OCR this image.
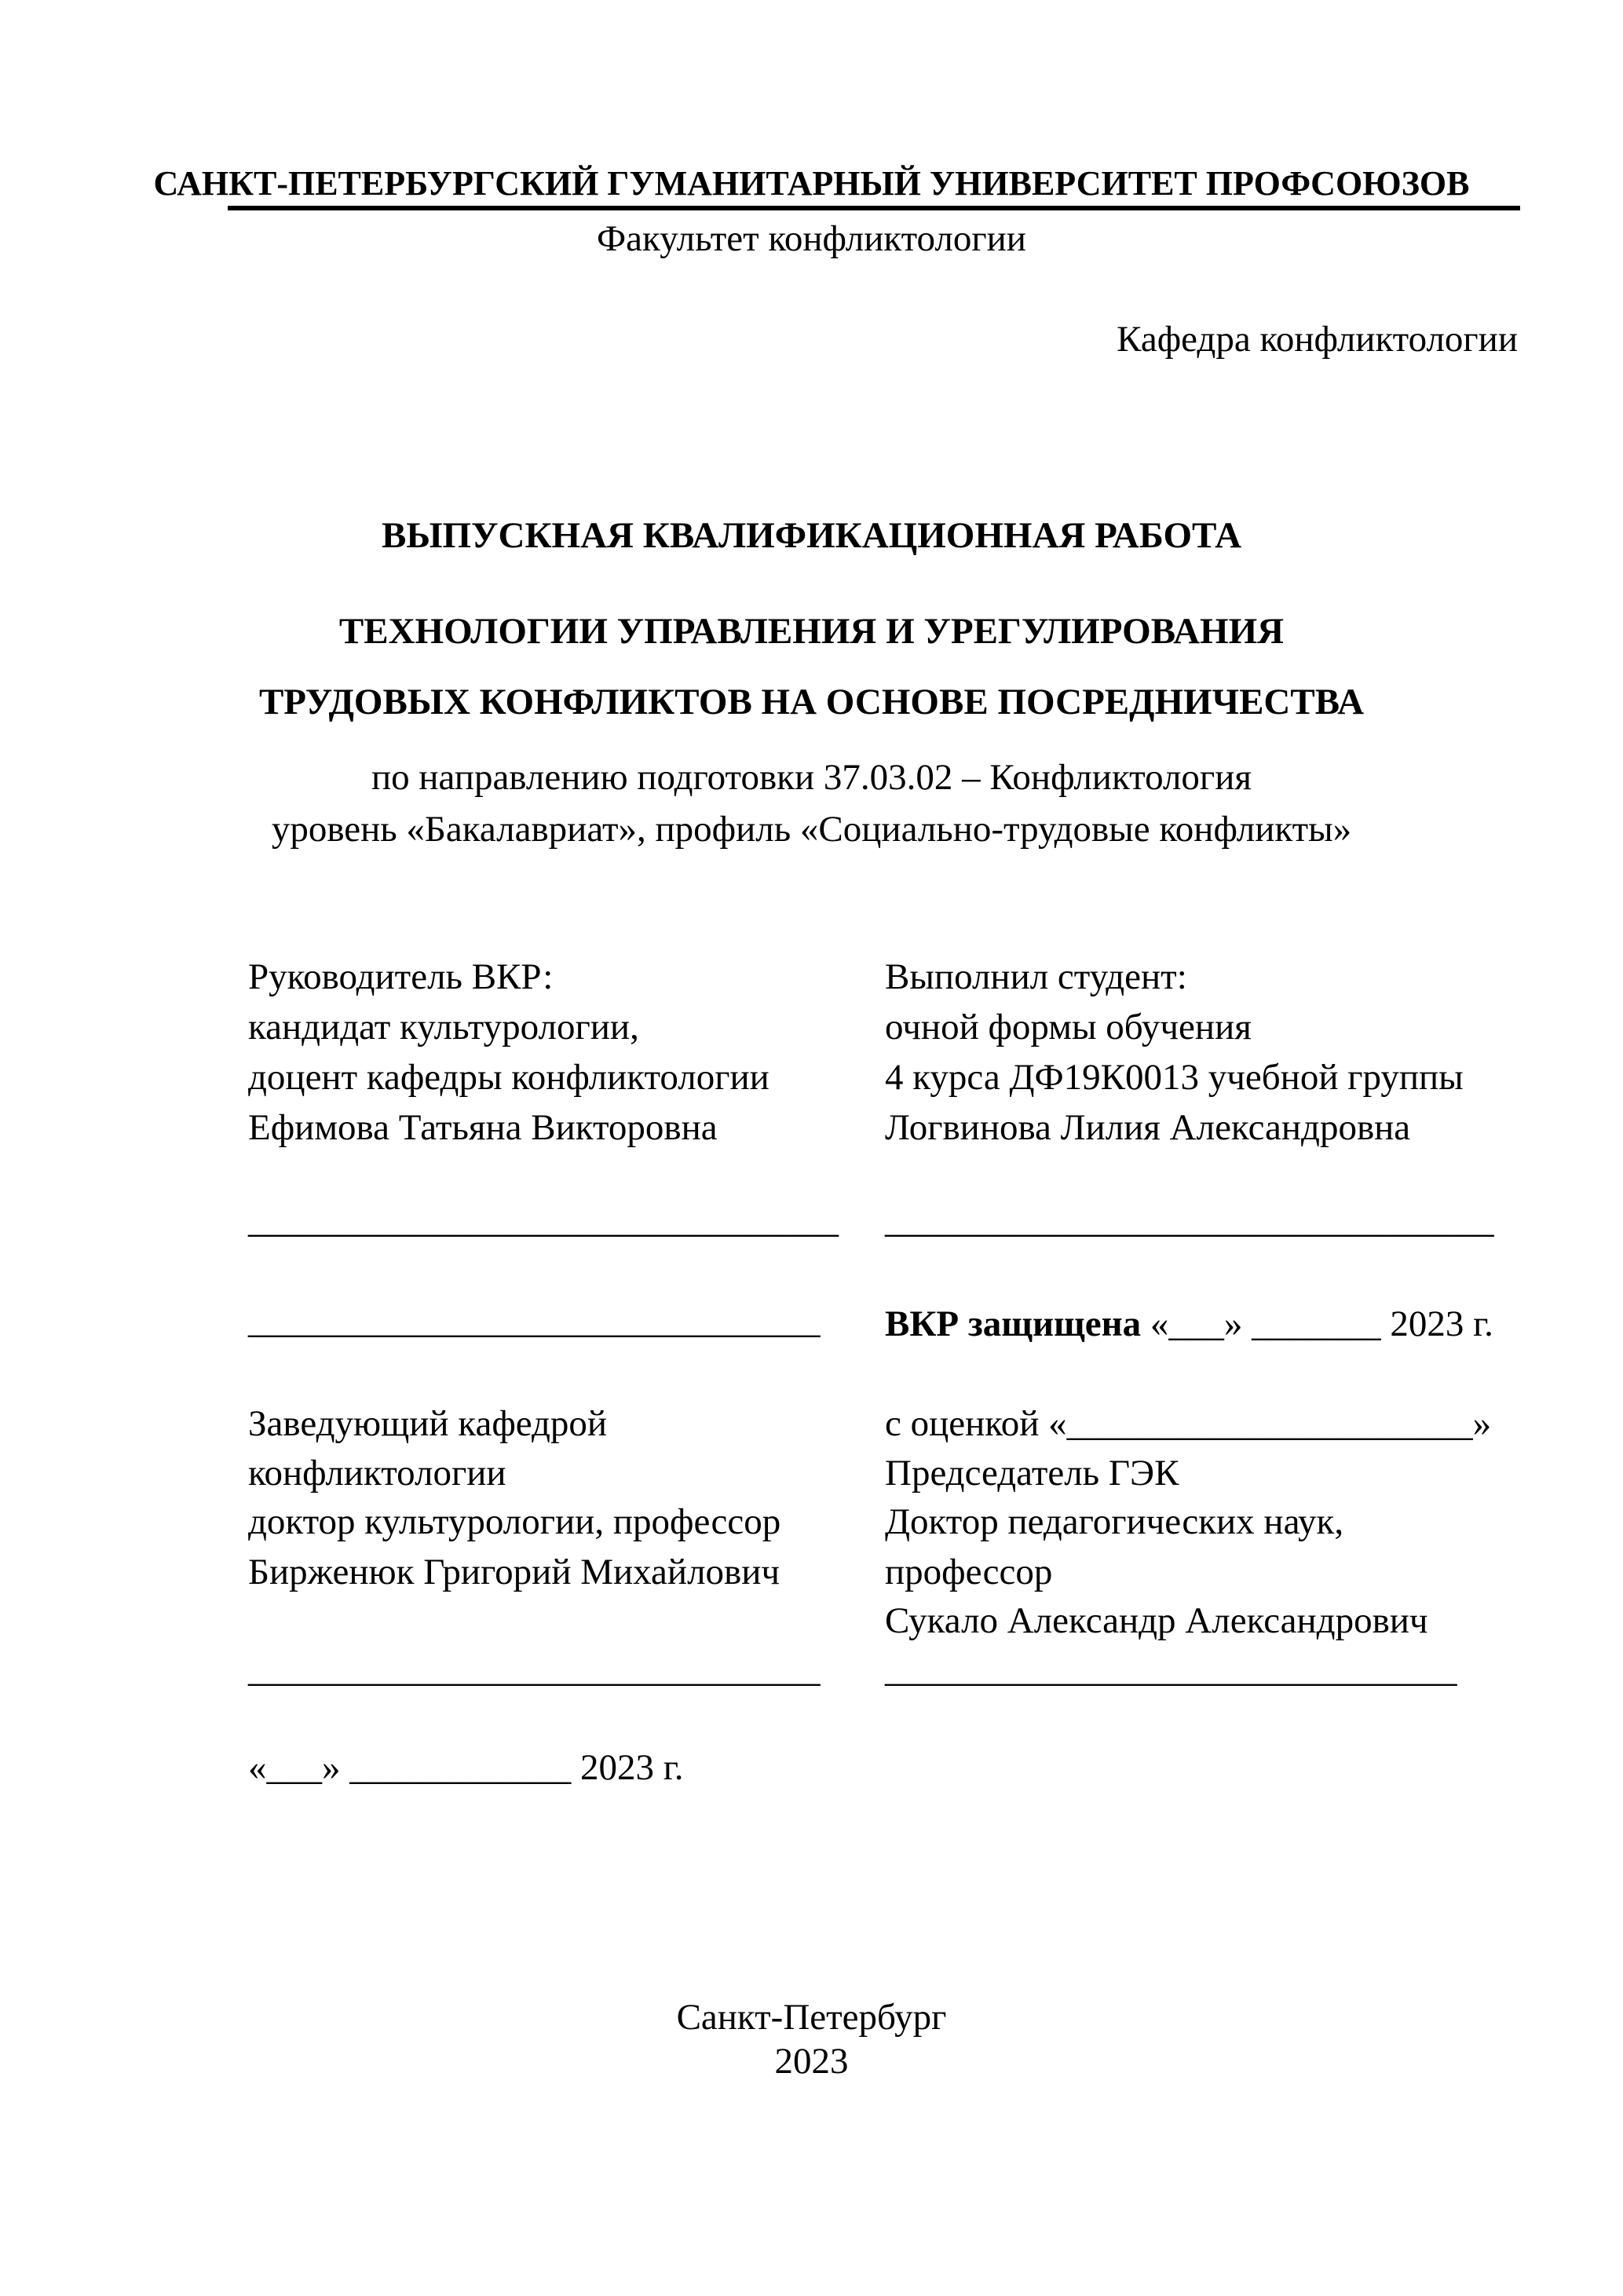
САНКТ-ПЕТЕРБУРГСКИЙ ГУМАНИТАРНЫЙ УНИВЕРСИТЕТ ПРОФСОЮЗОВ
Факультет конфликтологии
Кафедра конфликтологии
ВЫПУСКНАЯ КВАЛИФИКАЦИОННАЯ РАБОТА
ТЕХНОЛОГИИ УПРАВЛЕНИЯ И УРЕГУЛИРОВАНИЯ
ТРУДОВЫХ КОНФЛИКТОВ НА ОСНОВЕ ПОСРЕДНИЧЕСТВА
по направлению подготовки 37.03.02 – Конфликтология
уровень «Бакалавриат», профиль «Социально-трудовые конфликты»
Руководитель ВКР:
кандидат культурологии,
доцент кафедры конфликтологии
Ефимова Татьяна Викторовна
Выполнил студент:
очной формы обучения
4 курса ДФ19К0013 учебной группы
Логвинова Лилия Александровна
________________________________ _________________________________
_______________________________ ВКР защищена «___» _______ 2023 г.
Заведующий кафедрой
конфликтологии
доктор культурологии, профессор
Бирженюк Григорий Михайлович
с оценкой «______________________»
Председатель ГЭК
Доктор педагогических наук,
профессор
Сукало Александр Александрович
_______________________________ _______________________________
«___» ____________ 2023 г.
Санкт-Петербург
2023
